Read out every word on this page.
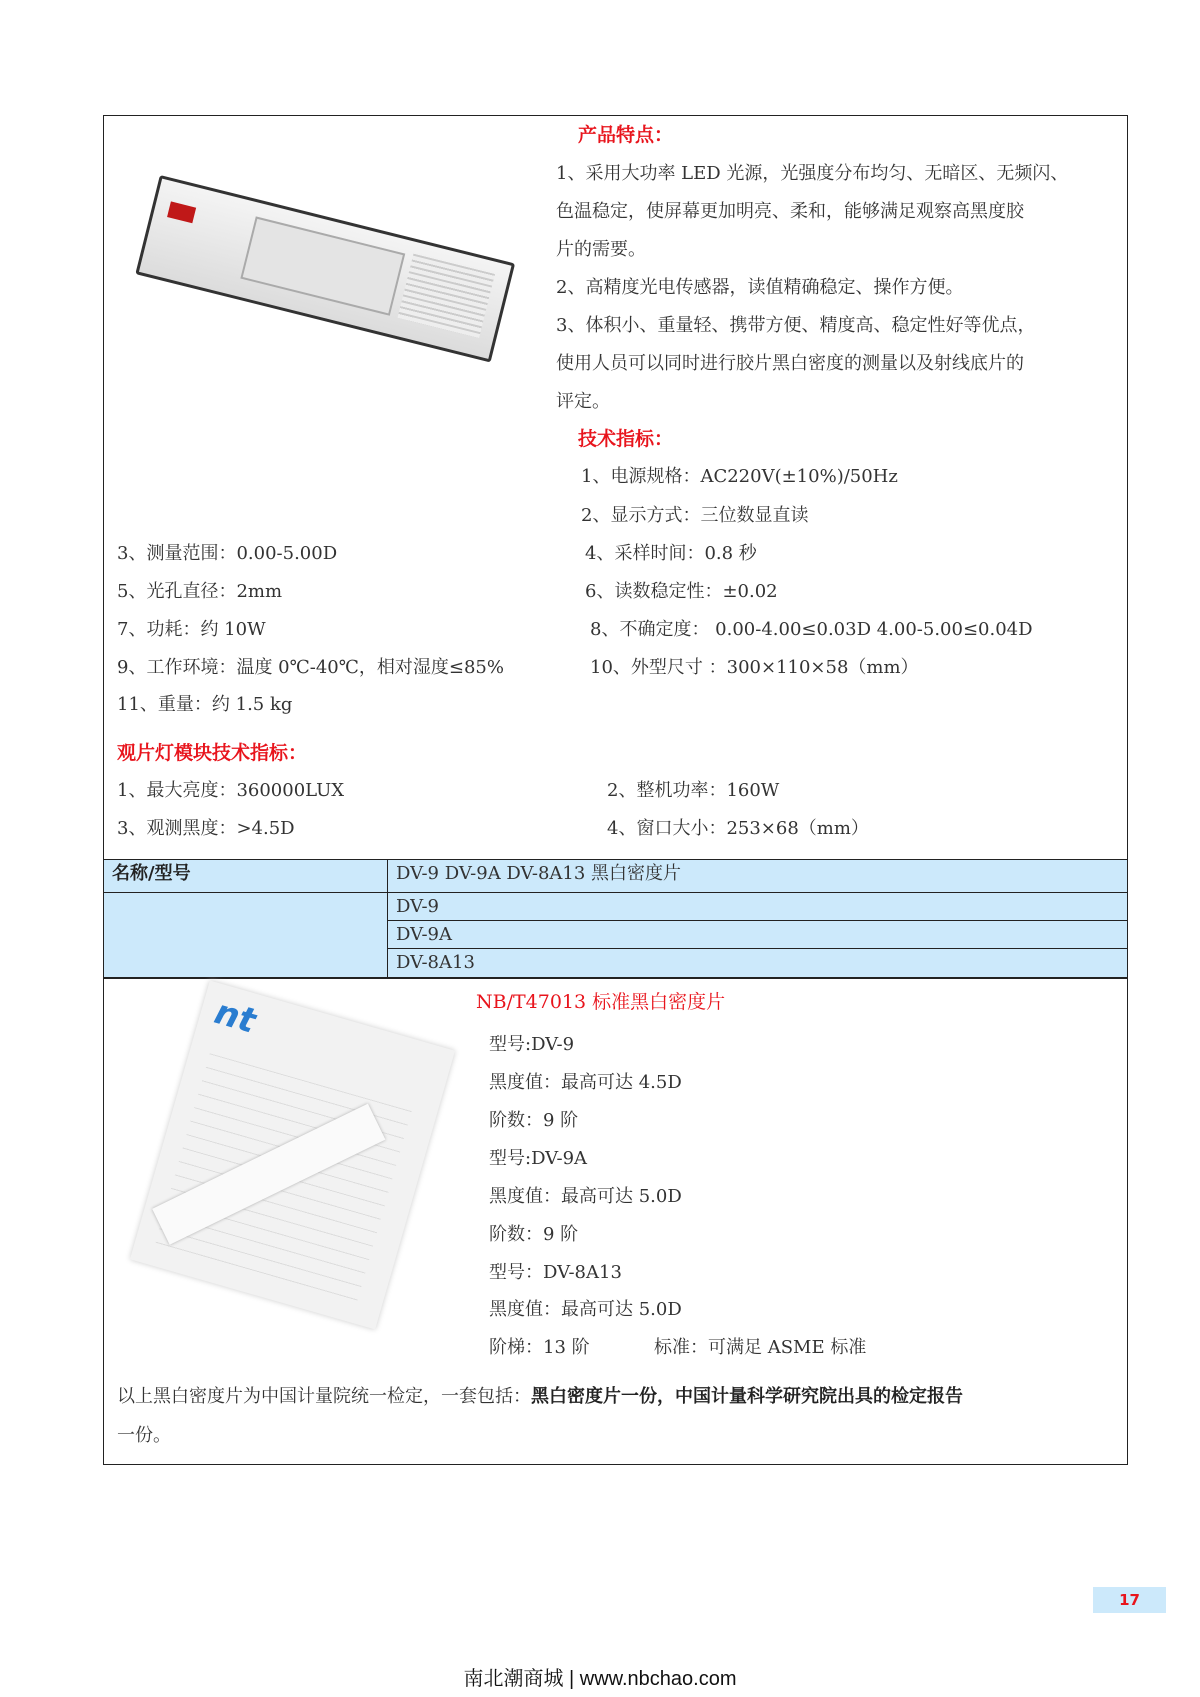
产品特点：
1、采用大功率 LED 光源，光强度分布均匀、无暗区、无频闪、
色温稳定，使屏幕更加明亮、柔和，能够满足观察高黑度胶
片的需要。
2、高精度光电传感器，读值精确稳定、操作方便。
3、体积小、重量轻、携带方便、精度高、稳定性好等优点，
使用人员可以同时进行胶片黑白密度的测量以及射线底片的
评定。
技术指标：
1、电源规格：AC220V(±10%)/50Hz
2、显示方式：三位数显直读
3、测量范围：0.00-5.00D	4、采样时间：0.8 秒
5、光孔直径：2mm	6、读数稳定性：±0.02
7、功耗：约 10W	8、不确定度： 0.00-4.00≤0.03D 4.00-5.00≤0.04D
9、工作环境：温度 0℃-40℃，相对湿度≤85%	10、外型尺寸 ：300×110×58（mm）
11、重量：约 1.5 kg
观片灯模块技术指标：
1、最大亮度：360000LUX	2、整机功率：160W
3、观测黑度：>4.5D	4、窗口大小：253×68（mm）
名称/型号	DV-9 DV-9A DV-8A13 黑白密度片
DV-9
DV-9A
DV-8A13
nt	NB/T47013 标准黑白密度片
型号:DV-9
黑度值：最高可达 4.5D
阶数：9 阶
型号:DV-9A
黑度值：最高可达 5.0D
阶数：9 阶
型号：DV-8A13
黑度值：最高可达 5.0D
阶梯：13 阶	标准：可满足 ASME 标准
以上黑白密度片为中国计量院统一检定，一套包括：黑白密度片一份，中国计量科学研究院出具的检定报告
一份。
17
南北潮商城 | www.nbchao.com
